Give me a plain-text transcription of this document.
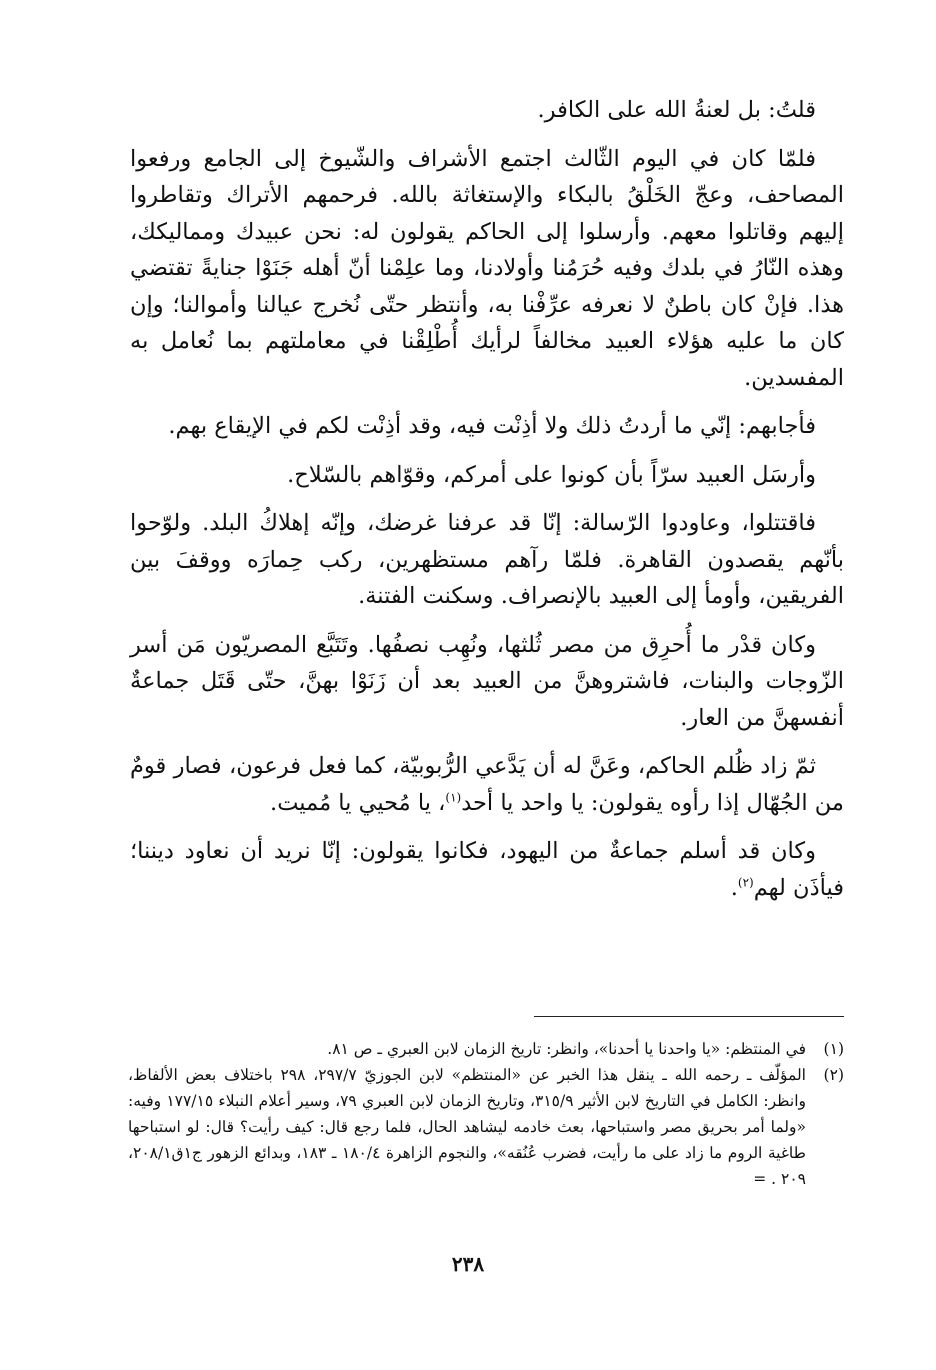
قلتُ: بل لعنةُ الله على الكافر.

فلمّا كان في اليوم الثّالث اجتمع الأشراف والشّيوخ إلى الجامع ورفعوا المصاحف، وعجّ الخَلْقُ بالبكاء والإستغاثة بالله. فرحمهم الأتراك وتقاطروا إليهم وقاتلوا معهم. وأرسلوا إلى الحاكم يقولون له: نحن عبيدك ومماليكك، وهذه النّارُ في بلدك وفيه حُرَمُنا وأولادنا، وما علِمْنا أنّ أهله جَنَوْا جنايةً تقتضي هذا. فإنْ كان باطنٌ لا نعرفه عرِّفْنا به، وأنتظر حتّى نُخرج عيالنا وأموالنا؛ وإن كان ما عليه هؤلاء العبيد مخالفاً لرأيك أُطْلِقْنا في معاملتهم بما نُعامل به المفسدين.

فأجابهم: إنّي ما أردتُ ذلك ولا أذِنْت فيه، وقد أذِنْت لكم في الإيقاع بهم.

وأرسَل العبيد سرّاً بأن كونوا على أمركم، وقوّاهم بالسّلاح.

فاقتتلوا، وعاودوا الرّسالة: إنّا قد عرفنا غرضك، وإنّه إهلاكُ البلد. ولوّحوا بأنّهم يقصدون القاهرة. فلمّا رآهم مستظهرين، ركب حِمارَه ووقفَ بين الفريقين، وأومأ إلى العبيد بالإنصراف. وسكنت الفتنة.

وكان قدْر ما أُحرِق من مصر ثُلثها، ونُهِب نصفُها. وتَتَبَّع المصريّون مَن أسر الزّوجات والبنات، فاشتروهنَّ من العبيد بعد أن زَنَوْا بهنَّ، حتّى قَتَل جماعةٌ أنفسهنَّ من العار.

ثمّ زاد ظُلم الحاكم، وعَنَّ له أن يَدَّعي الرُّبوبيّة، كما فعل فرعون، فصار قومٌ من الجُهّال إذا رأوه يقولون: يا واحد يا أحد$^{(١)}$، يا مُحيي يا مُميت.

وكان قد أسلم جماعةٌ من اليهود، فكانوا يقولون: إنّا نريد أن نعاود ديننا؛ فيأذَن لهم$^{(٢)}$.

(١)
في المنتظم: «يا واحدنا يا أحدنا»، وانظر: تاريخ الزمان لابن العبري ـ ص ٨١.
(٢)
المؤلّف ـ رحمه الله ـ ينقل هذا الخبر عن «المنتظم» لابن الجوزيّ ٢٩٧/٧، ٢٩٨ باختلاف بعض الألفاظ، وانظر: الكامل في التاريخ لابن الأثير ٣١٥/٩، وتاريخ الزمان لابن العبري ٧٩، وسير أعلام النبلاء ١٧٧/١٥ وفيه: «ولما أمر بحريق مصر واستباحها، بعث خادمه ليشاهد الحال، فلما رجع قال: كيف رأيت؟ قال: لو استباحها طاغية الروم ما زاد على ما رأيت، فضرب عُنُقه»، والنجوم الزاهرة ١٨٠/٤ ـ ١٨٣، وبدائع الزهور ج١ق٢٠٨/١، ٢٠٩ . =
٢٣٨
